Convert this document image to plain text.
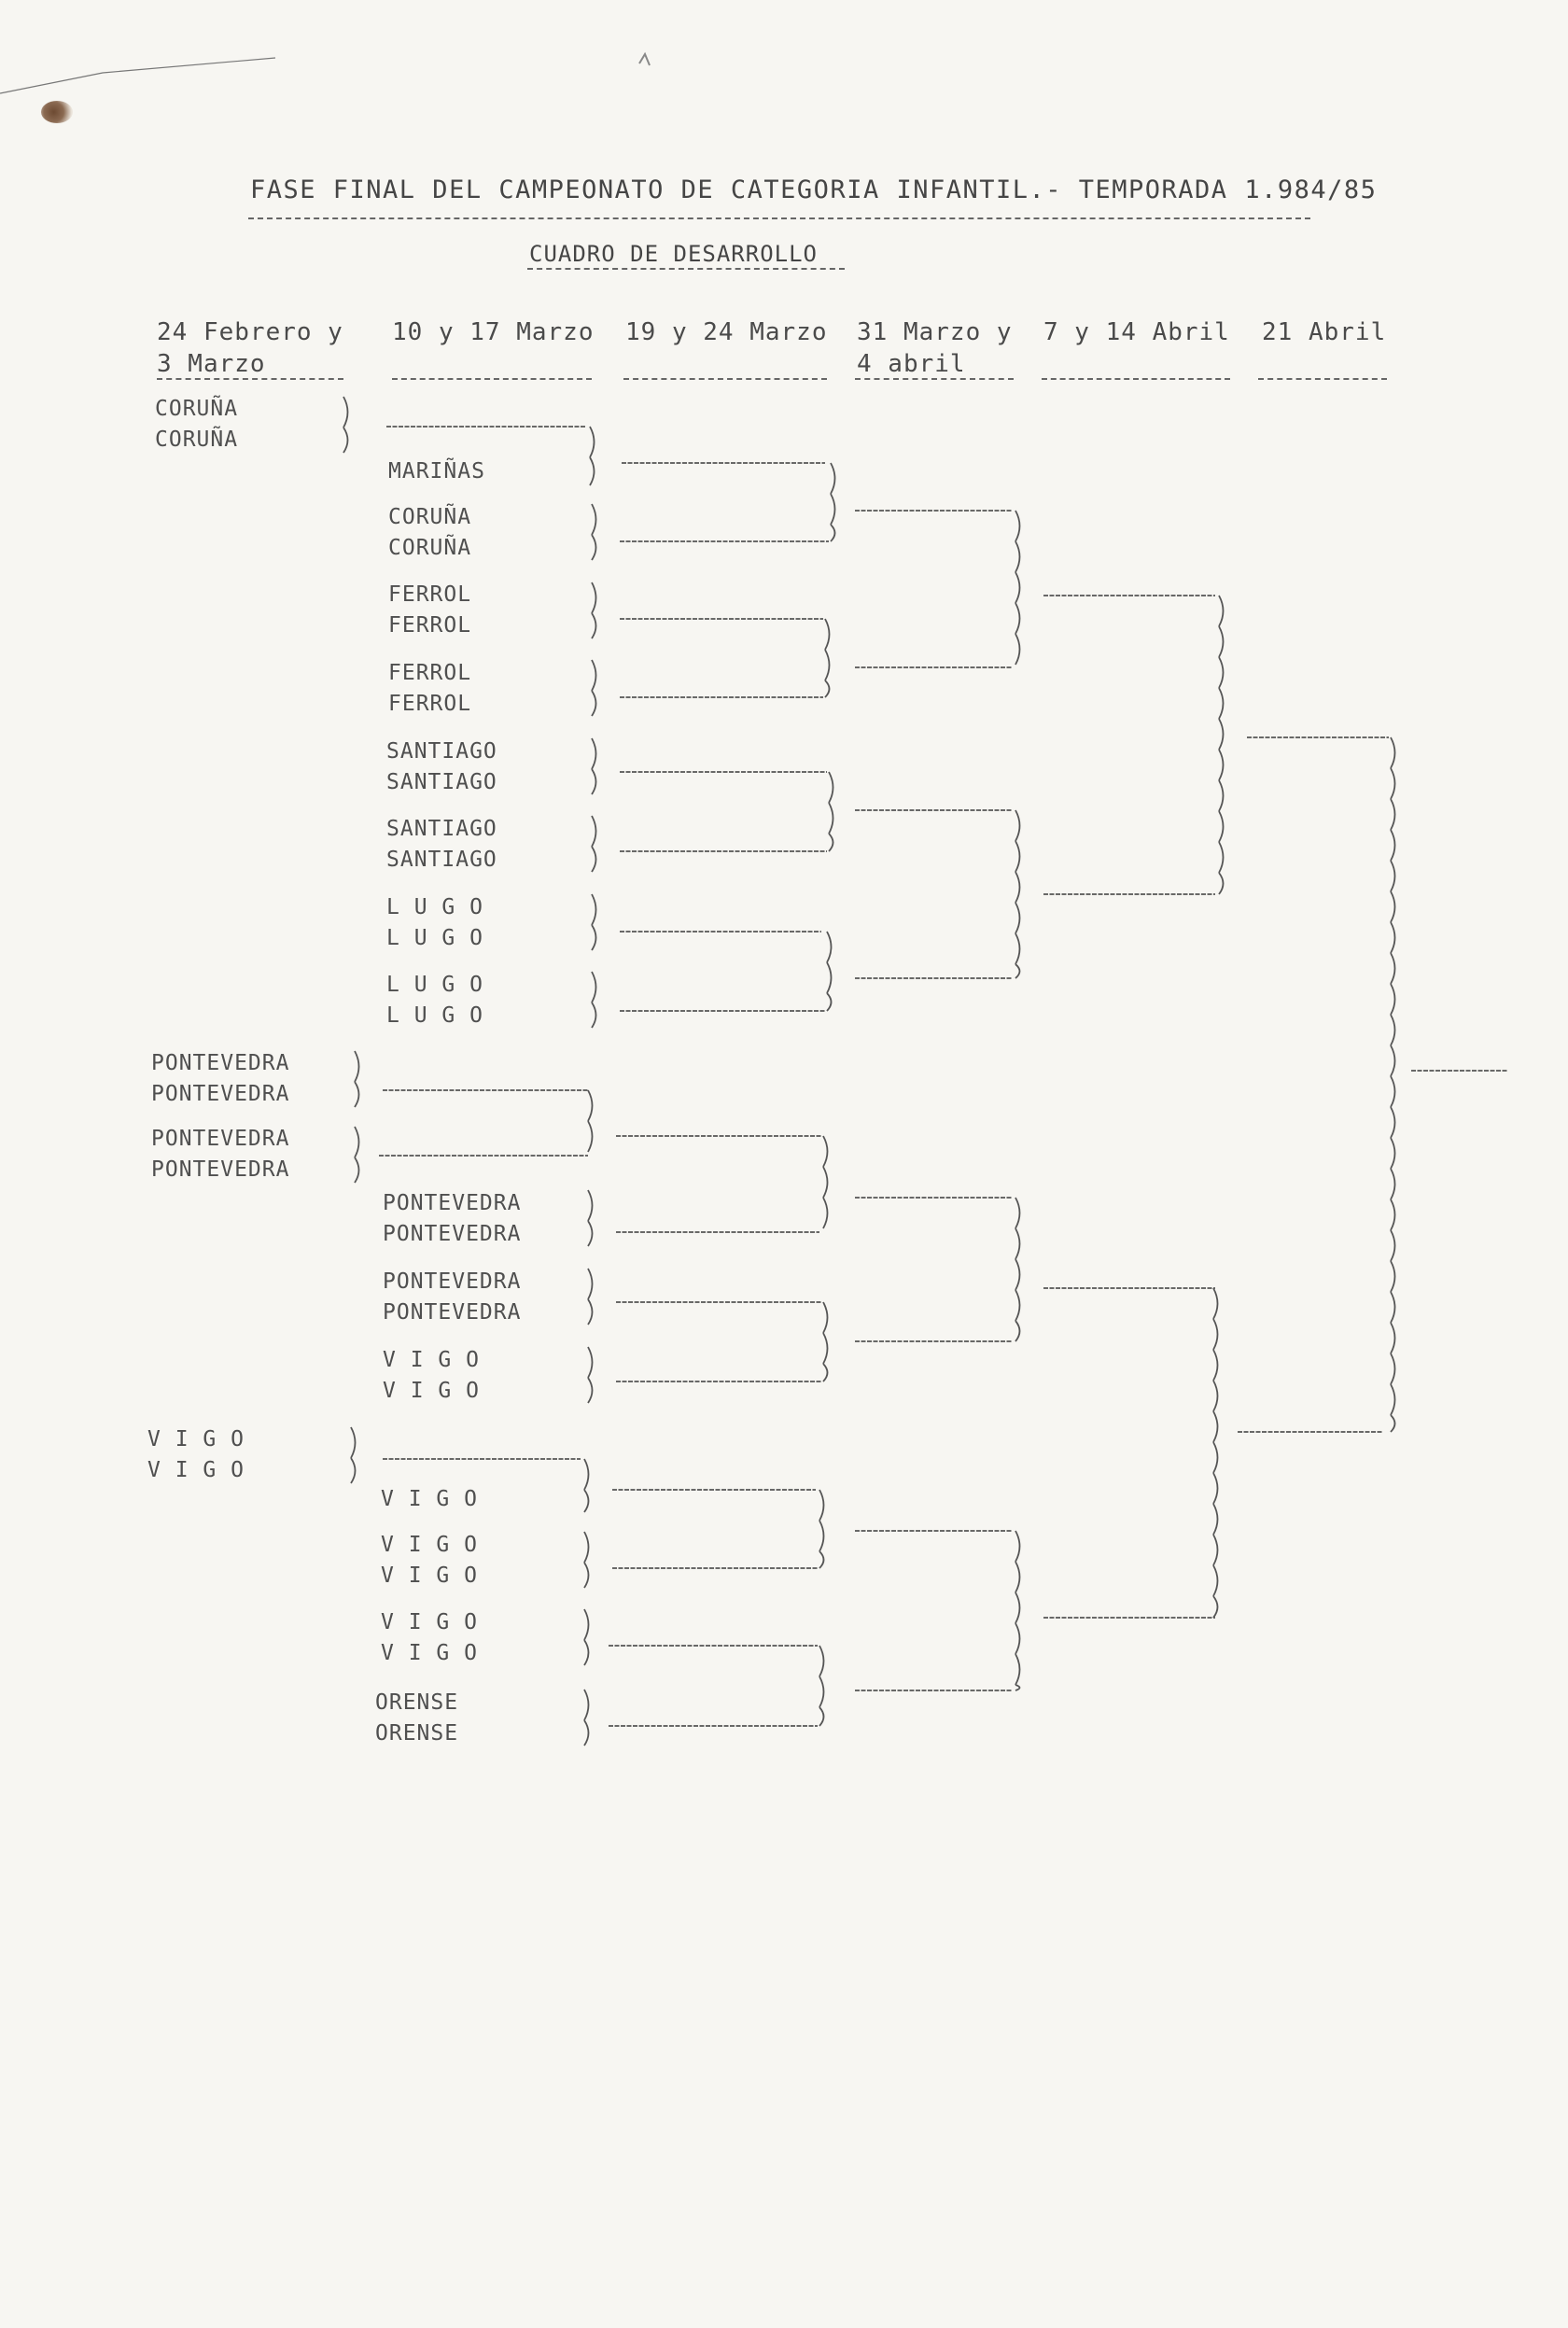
FASE FINAL DEL CAMPEONATO DE CATEGORIA INFANTIL.- TEMPORADA 1.984/85
CUADRO DE DESARROLLO
24 Febrero y
3 Marzo
10 y 17 Marzo 19 y 24 Marzo 31 Marzo y
4 abril
7 y 14 Abril 21 Abril
CORUÑA
CORUÑA
PONTEVEDRA
PONTEVEDRA
PONTEVEDRA
PONTEVEDRA
V I G O
V I G O
MARIÑAS
CORUÑA
CORUÑA
FERROL
FERROL
FERROL
FERROL
SANTIAGO
SANTIAGO
SANTIAGO
SANTIAGO
L U G O
L U G O
L U G O
L U G O
PONTEVEDRA
PONTEVEDRA
PONTEVEDRA
PONTEVEDRA
V I G O
V I G O
V I G O
V I G O
V I G O
V I G O
V I G O
ORENSE
ORENSE
